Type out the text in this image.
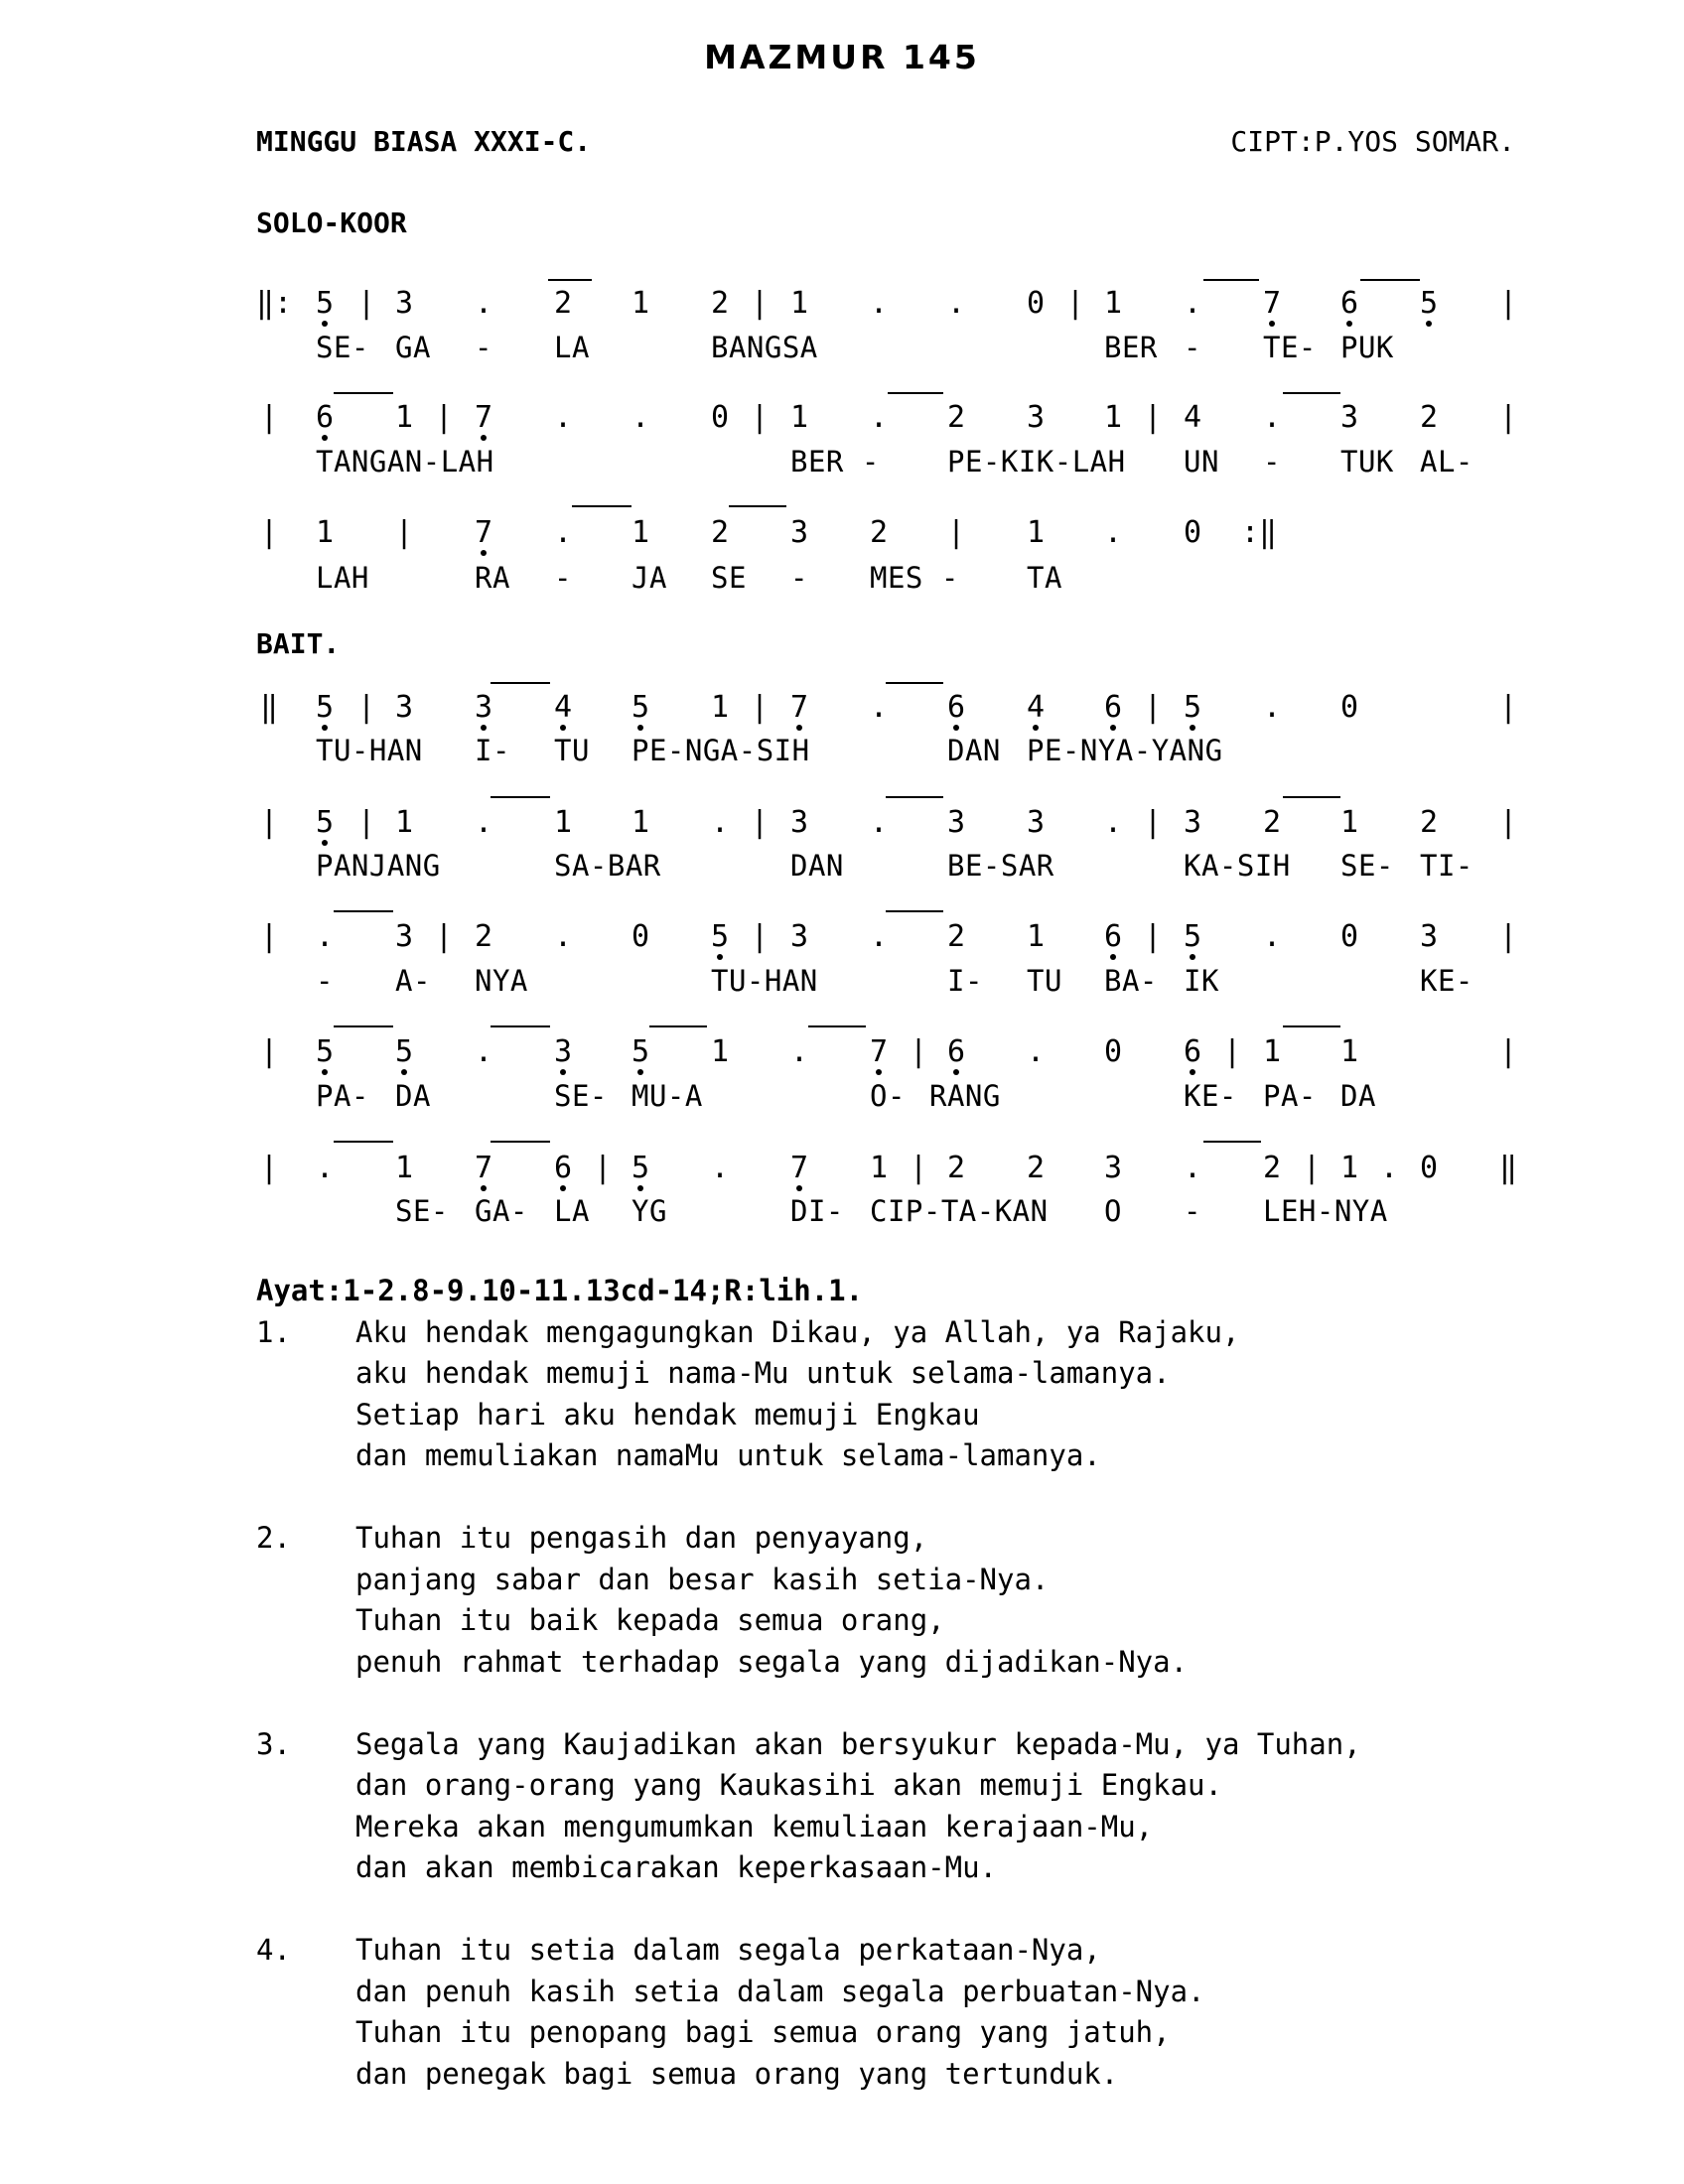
MAZMUR 145
MINGGU BIASA XXXI-C.	CIPT:P.YOS SOMAR.
SOLO-KOOR
BAIT.
‖: 5 | 3 . 2 1 2 | 1 . . 0 | 1 . 7 6 5 |
SE- GA - LA	BANGSA	BER - TE- PUK
| 6 1 | 7 . . 0 | 1 . 2 3 1 | 4 . 3 2 |
TANGAN-LAH	BER - PE-KIK-LAH UN - TUK AL-
| 1 | 7 . 1 2 3 2 | 1 . 0 :‖
LAH	RA - JA SE - MES - TA
‖ 5 | 3 3 4 5 1 | 7 . 6 4 6 | 5 . 0	|
TU-HAN I- TU PE-NGA-SIH	DAN PE-NYA-YANG
| 5 | 1 . 1 1 . | 3 . 3 3 . | 3 2 1 2 |
PANJANG	SA-BAR	DAN	BE-SAR	KA-SIH SE- TI-
| . 3 | 2 . 0 5 | 3 . 2 1 6 | 5 . 0 3 |
- A- NYA	TU-HAN	I- TU BA- IK	KE-
| 5 5 . 3 5 1 . 7 | 6 . 0 6 | 1 1	|
PA- DA	SE- MU-A	O- RANG	KE- PA- DA
| . 1 7 6 | 5 . 7 1 | 2 2 3 . 2 | 1 . 0 ‖
SE- GA- LA YG	DI- CIP-TA-KAN O - LEH-NYA
Ayat:1-2.8-9.10-11.13cd-14;R:lih.1.
1.	Aku hendak mengagungkan Dikau, ya Allah, ya Rajaku,
aku hendak memuji nama-Mu untuk selama-lamanya.
Setiap hari aku hendak memuji Engkau
dan memuliakan namaMu untuk selama-lamanya.
2.	Tuhan itu pengasih dan penyayang,
panjang sabar dan besar kasih setia-Nya.
Tuhan itu baik kepada semua orang,
penuh rahmat terhadap segala yang dijadikan-Nya.
3.	Segala yang Kaujadikan akan bersyukur kepada-Mu, ya Tuhan,
dan orang-orang yang Kaukasihi akan memuji Engkau.
Mereka akan mengumumkan kemuliaan kerajaan-Mu,
dan akan membicarakan keperkasaan-Mu.
4.	Tuhan itu setia dalam segala perkataan-Nya,
dan penuh kasih setia dalam segala perbuatan-Nya.
Tuhan itu penopang bagi semua orang yang jatuh,
dan penegak bagi semua orang yang tertunduk.
